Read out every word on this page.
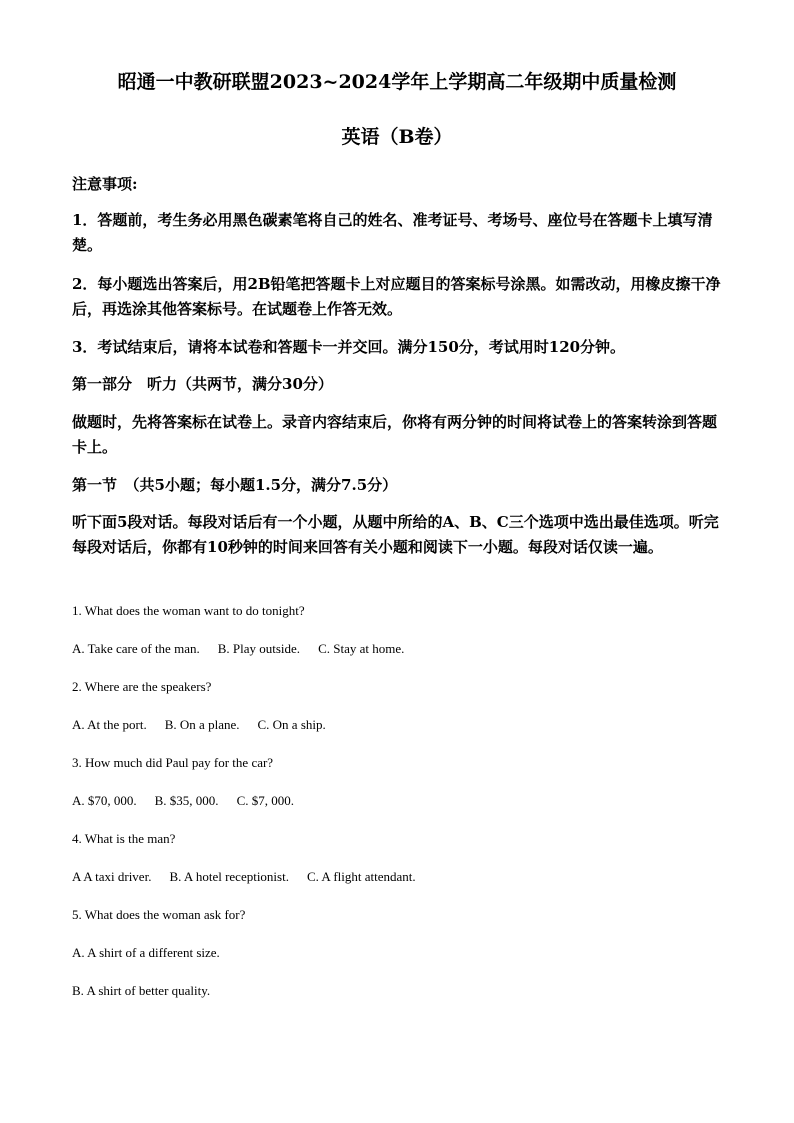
昭通一中教研联盟2023~2024学年上学期高二年级期中质量检测
英语（B卷）

注意事项:

1．答题前，考生务必用黑色碳素笔将自己的姓名、准考证号、考场号、座位号在答题卡上填写清楚。

2．每小题选出答案后，用2B铅笔把答题卡上对应题目的答案标号涂黑。如需改动，用橡皮擦干净后，再选涂其他答案标号。在试题卷上作答无效。

3．考试结束后，请将本试卷和答题卡一并交回。满分150分，考试用时120分钟。

第一部分　听力（共两节，满分30分）

做题时，先将答案标在试卷上。录音内容结束后，你将有两分钟的时间将试卷上的答案转涂到答题卡上。

第一节　（共5小题；每小题1.5分，满分7.5分）

听下面5段对话。每段对话后有一个小题，从题中所给的A、B、C三个选项中选出最佳选项。听完每段对话后，你都有10秒钟的时间来回答有关小题和阅读下一小题。每段对话仅读一遍。

1. What does the woman want to do tonight?

A. Take care of the man. B. Play outside. C. Stay at home.

2. Where are the speakers?

A. At the port. B. On a plane. C. On a ship.

3. How much did Paul pay for the car?

A. $70, 000. B. $35, 000. C. $7, 000.

4. What is the man?

A A taxi driver. B. A hotel receptionist. C. A flight attendant.

5. What does the woman ask for?

A. A shirt of a different size.

B. A shirt of better quality.
